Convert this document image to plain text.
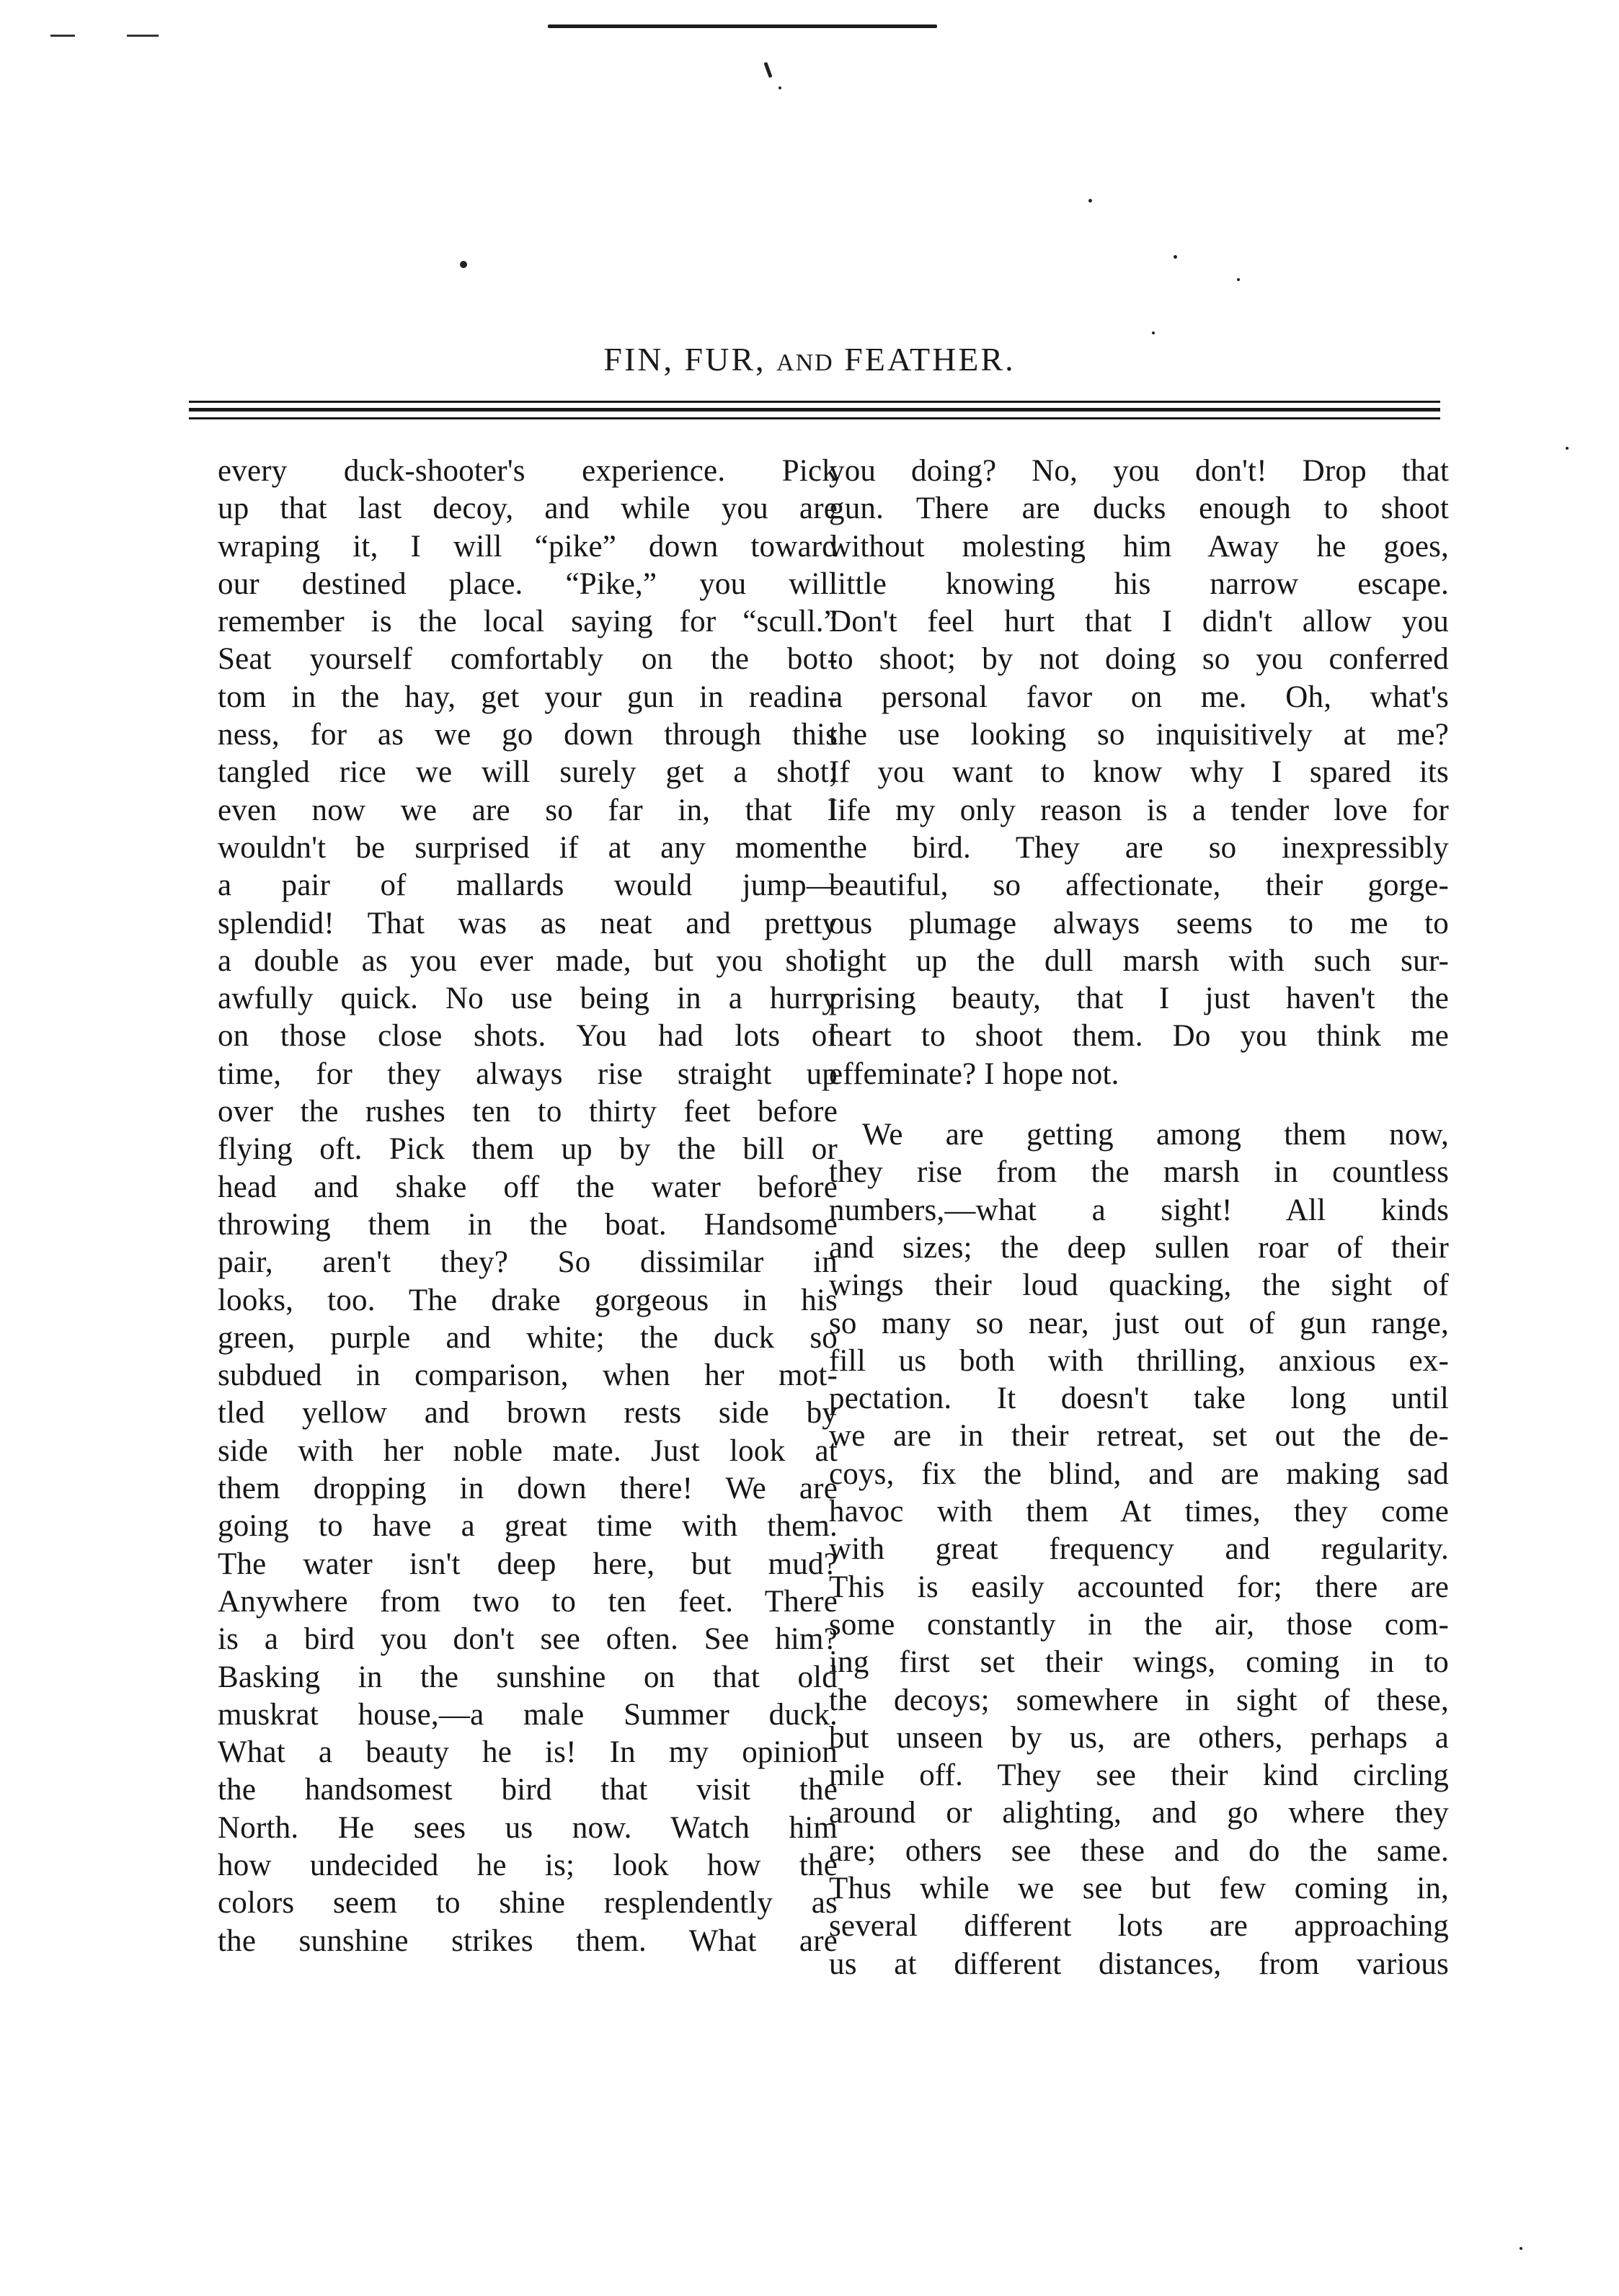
FIN, FUR, AND FEATHER.
every duck-shooter's experience. Pick
up that last decoy, and while you are
wraping it, I will “pike” down toward
our destined place. “Pike,” you will
remember is the local saying for “scull.”
Seat yourself comfortably on the bot-
tom in the hay, get your gun in readin-
ness, for as we go down through this
tangled rice we will surely get a shot;
even now we are so far in, that I
wouldn't be surprised if at any moment
a pair of mallards would jump—
splendid! That was as neat and pretty
a double as you ever made, but you shot
awfully quick. No use being in a hurry
on those close shots. You had lots of
time, for they always rise straight up
over the rushes ten to thirty feet before
flying oft. Pick them up by the bill or
head and shake off the water before
throwing them in the boat. Handsome
pair, aren't they? So dissimilar in
looks, too. The drake gorgeous in his
green, purple and white; the duck so
subdued in comparison, when her mot-
tled yellow and brown rests side by
side with her noble mate. Just look at
them dropping in down there! We are
going to have a great time with them.
The water isn't deep here, but mud?
Anywhere from two to ten feet. There
is a bird you don't see often. See him?
Basking in the sunshine on that old
muskrat house,—a male Summer duck.
What a beauty he is! In my opinion
the handsomest bird that visit the
North. He sees us now. Watch him
how undecided he is; look how the
colors seem to shine resplendently as
the sunshine strikes them. What are
you doing? No, you don't! Drop that
gun. There are ducks enough to shoot
without molesting him Away he goes,
little knowing his narrow escape.
Don't feel hurt that I didn't allow you
to shoot; by not doing so you conferred
a personal favor on me. Oh, what's
the use looking so inquisitively at me?
If you want to know why I spared its
life my only reason is a tender love for
the bird. They are so inexpressibly
beautiful, so affectionate, their gorge-
ous plumage always seems to me to
light up the dull marsh with such sur-
prising beauty, that I just haven't the
heart to shoot them. Do you think me
effeminate? I hope not.
We are getting among them now,
they rise from the marsh in countless
numbers,—what a sight! All kinds
and sizes; the deep sullen roar of their
wings their loud quacking, the sight of
so many so near, just out of gun range,
fill us both with thrilling, anxious ex-
pectation. It doesn't take long until
we are in their retreat, set out the de-
coys, fix the blind, and are making sad
havoc with them At times, they come
with great frequency and regularity.
This is easily accounted for; there are
some constantly in the air, those com-
ing first set their wings, coming in to
the decoys; somewhere in sight of these,
but unseen by us, are others, perhaps a
mile off. They see their kind circling
around or alighting, and go where they
are; others see these and do the same.
Thus while we see but few coming in,
several different lots are approaching
us at different distances, from various
